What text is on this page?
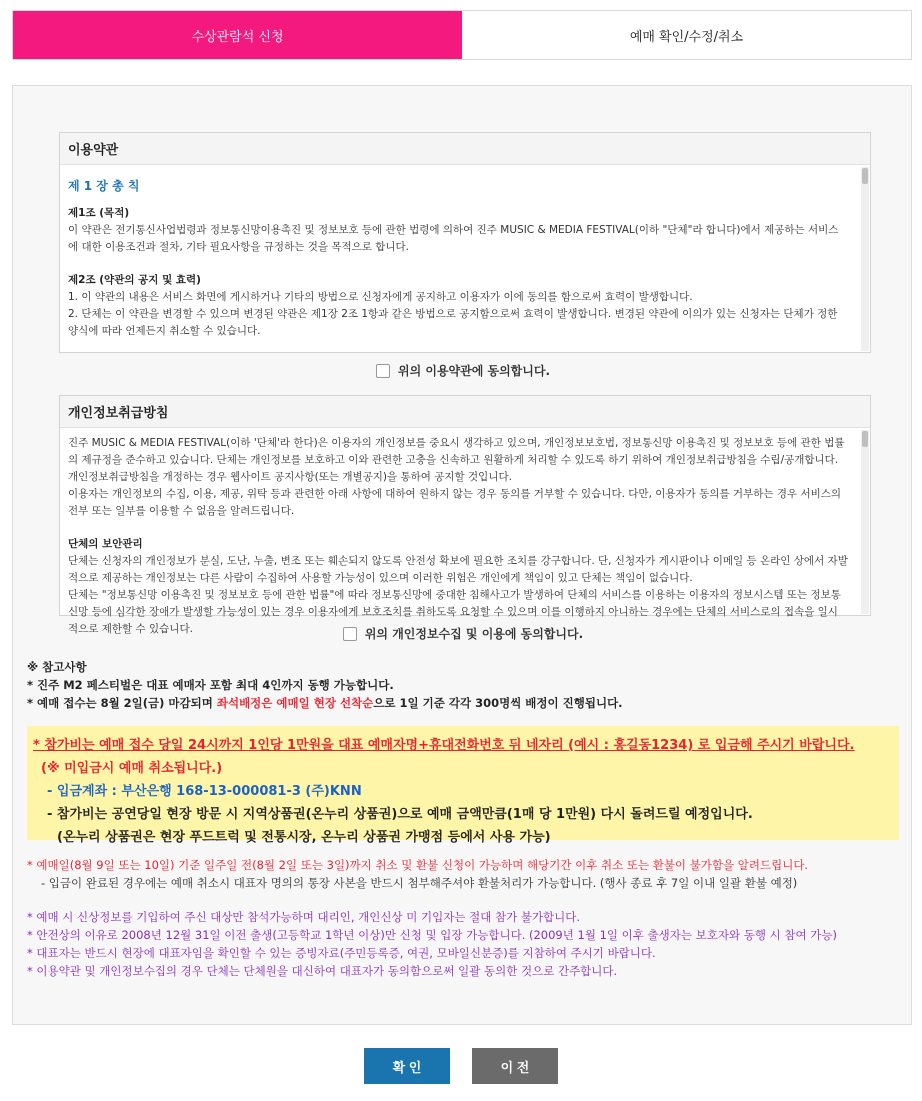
수상관람석 신청	예매 확인/수정/취소
이용약관
제 1 장 총 칙
제1조 (목적)
이 약관은 전기통신사업법령과 정보통신망이용촉진 및 정보보호 등에 관한 법령에 의하여 진주 MUSIC & MEDIA FESTIVAL(이하 "단체"라 합니다)에서 제공하는 서비스에 대한 이용조건과 절차, 기타 필요사항을 규정하는 것을 목적으로 합니다.
제2조 (약관의 공지 및 효력)
1. 이 약관의 내용은 서비스 화면에 게시하거나 기타의 방법으로 신청자에게 공지하고 이용자가 이에 동의를 함으로써 효력이 발생합니다.
2. 단체는 이 약관을 변경할 수 있으며 변경된 약관은 제1장 2조 1항과 같은 방법으로 공지함으로써 효력이 발생합니다. 변경된 약관에 이의가 있는 신청자는 단체가 정한 양식에 따라 언제든지 취소할 수 있습니다.
위의 이용약관에 동의합니다.
개인정보취급방침
진주 MUSIC & MEDIA FESTIVAL(이하 '단체'라 한다)은 이용자의 개인정보를 중요시 생각하고 있으며, 개인정보보호법, 정보통신망 이용촉진 및 정보보호 등에 관한 법률의 제규정을 준수하고 있습니다. 단체는 개인정보를 보호하고 이와 관련한 고충을 신속하고 원활하게 처리할 수 있도록 하기 위하여 개인정보취급방침을 수립/공개합니다. 개인정보취급방침을 개정하는 경우 웹사이트 공지사항(또는 개별공지)을 통하여 공지할 것입니다.
이용자는 개인정보의 수집, 이용, 제공, 위탁 등과 관련한 아래 사항에 대하여 원하지 않는 경우 동의를 거부할 수 있습니다. 다만, 이용자가 동의를 거부하는 경우 서비스의 전부 또는 일부를 이용할 수 없음을 알려드립니다.
단체의 보안관리
단체는 신청자의 개인정보가 분실, 도난, 누출, 변조 또는 훼손되지 않도록 안전성 확보에 필요한 조치를 강구합니다. 단, 신청자가 게시판이나 이메일 등 온라인 상에서 자발적으로 제공하는 개인정보는 다른 사람이 수집하여 사용할 가능성이 있으며 이러한 위험은 개인에게 책임이 있고 단체는 책임이 없습니다.
단체는 "정보통신망 이용촉진 및 정보보호 등에 관한 법률"에 따라 정보통신망에 중대한 침해사고가 발생하여 단체의 서비스를 이용하는 이용자의 정보시스템 또는 정보통신망 등에 심각한 장애가 발생할 가능성이 있는 경우 이용자에게 보호조치를 취하도록 요청할 수 있으며 이를 이행하지 아니하는 경우에는 단체의 서비스로의 접속을 일시적으로 제한할 수 있습니다.	위의 개인정보수집 및 이용에 동의합니다.
※ 참고사항
* 진주 M2 페스티벌은 대표 예매자 포함 최대 4인까지 동행 가능합니다.
* 예매 접수는 8월 2일(금) 마감되며 좌석배정은 예매일 현장 선착순으로 1일 기준 각각 300명씩 배정이 진행됩니다.
* 참가비는 예매 접수 당일 24시까지 1인당 1만원을 대표 예매자명+휴대전화번호 뒤 네자리 (예시 : 홍길동1234) 로 입금해 주시기 바랍니다.
(※ 미입금시 예매 취소됩니다.)
- 입금계좌 : 부산은행 168-13-000081-3 (주)KNN
- 참가비는 공연당일 현장 방문 시 지역상품권(온누리 상품권)으로 예매 금액만큼(1매 당 1만원) 다시 돌려드릴 예정입니다.
(온누리 상품권은 현장 푸드트럭 및 전통시장, 온누리 상품권 가맹점 등에서 사용 가능)
* 예매일(8월 9일 또는 10일) 기준 일주일 전(8월 2일 또는 3일)까지 취소 및 환불 신청이 가능하며 해당기간 이후 취소 또는 환불이 불가함을 알려드립니다.
- 입금이 완료된 경우에는 예매 취소시 대표자 명의의 통장 사본을 반드시 첨부해주셔야 환불처리가 가능합니다. (행사 종료 후 7일 이내 일괄 환불 예정)
* 예매 시 신상정보를 기입하여 주신 대상만 참석가능하며 대리인, 개인신상 미 기입자는 절대 참가 불가합니다.
* 안전상의 이유로 2008년 12월 31일 이전 출생(고등학교 1학년 이상)만 신청 및 입장 가능합니다. (2009년 1월 1일 이후 출생자는 보호자와 동행 시 참여 가능)
* 대표자는 반드시 현장에 대표자임을 확인할 수 있는 증빙자료(주민등록증, 여권, 모바일신분증)를 지참하여 주시기 바랍니다.
* 이용약관 및 개인정보수집의 경우 단체는 단체원을 대신하여 대표자가 동의함으로써 일괄 동의한 것으로 간주합니다.
확 인	이 전
